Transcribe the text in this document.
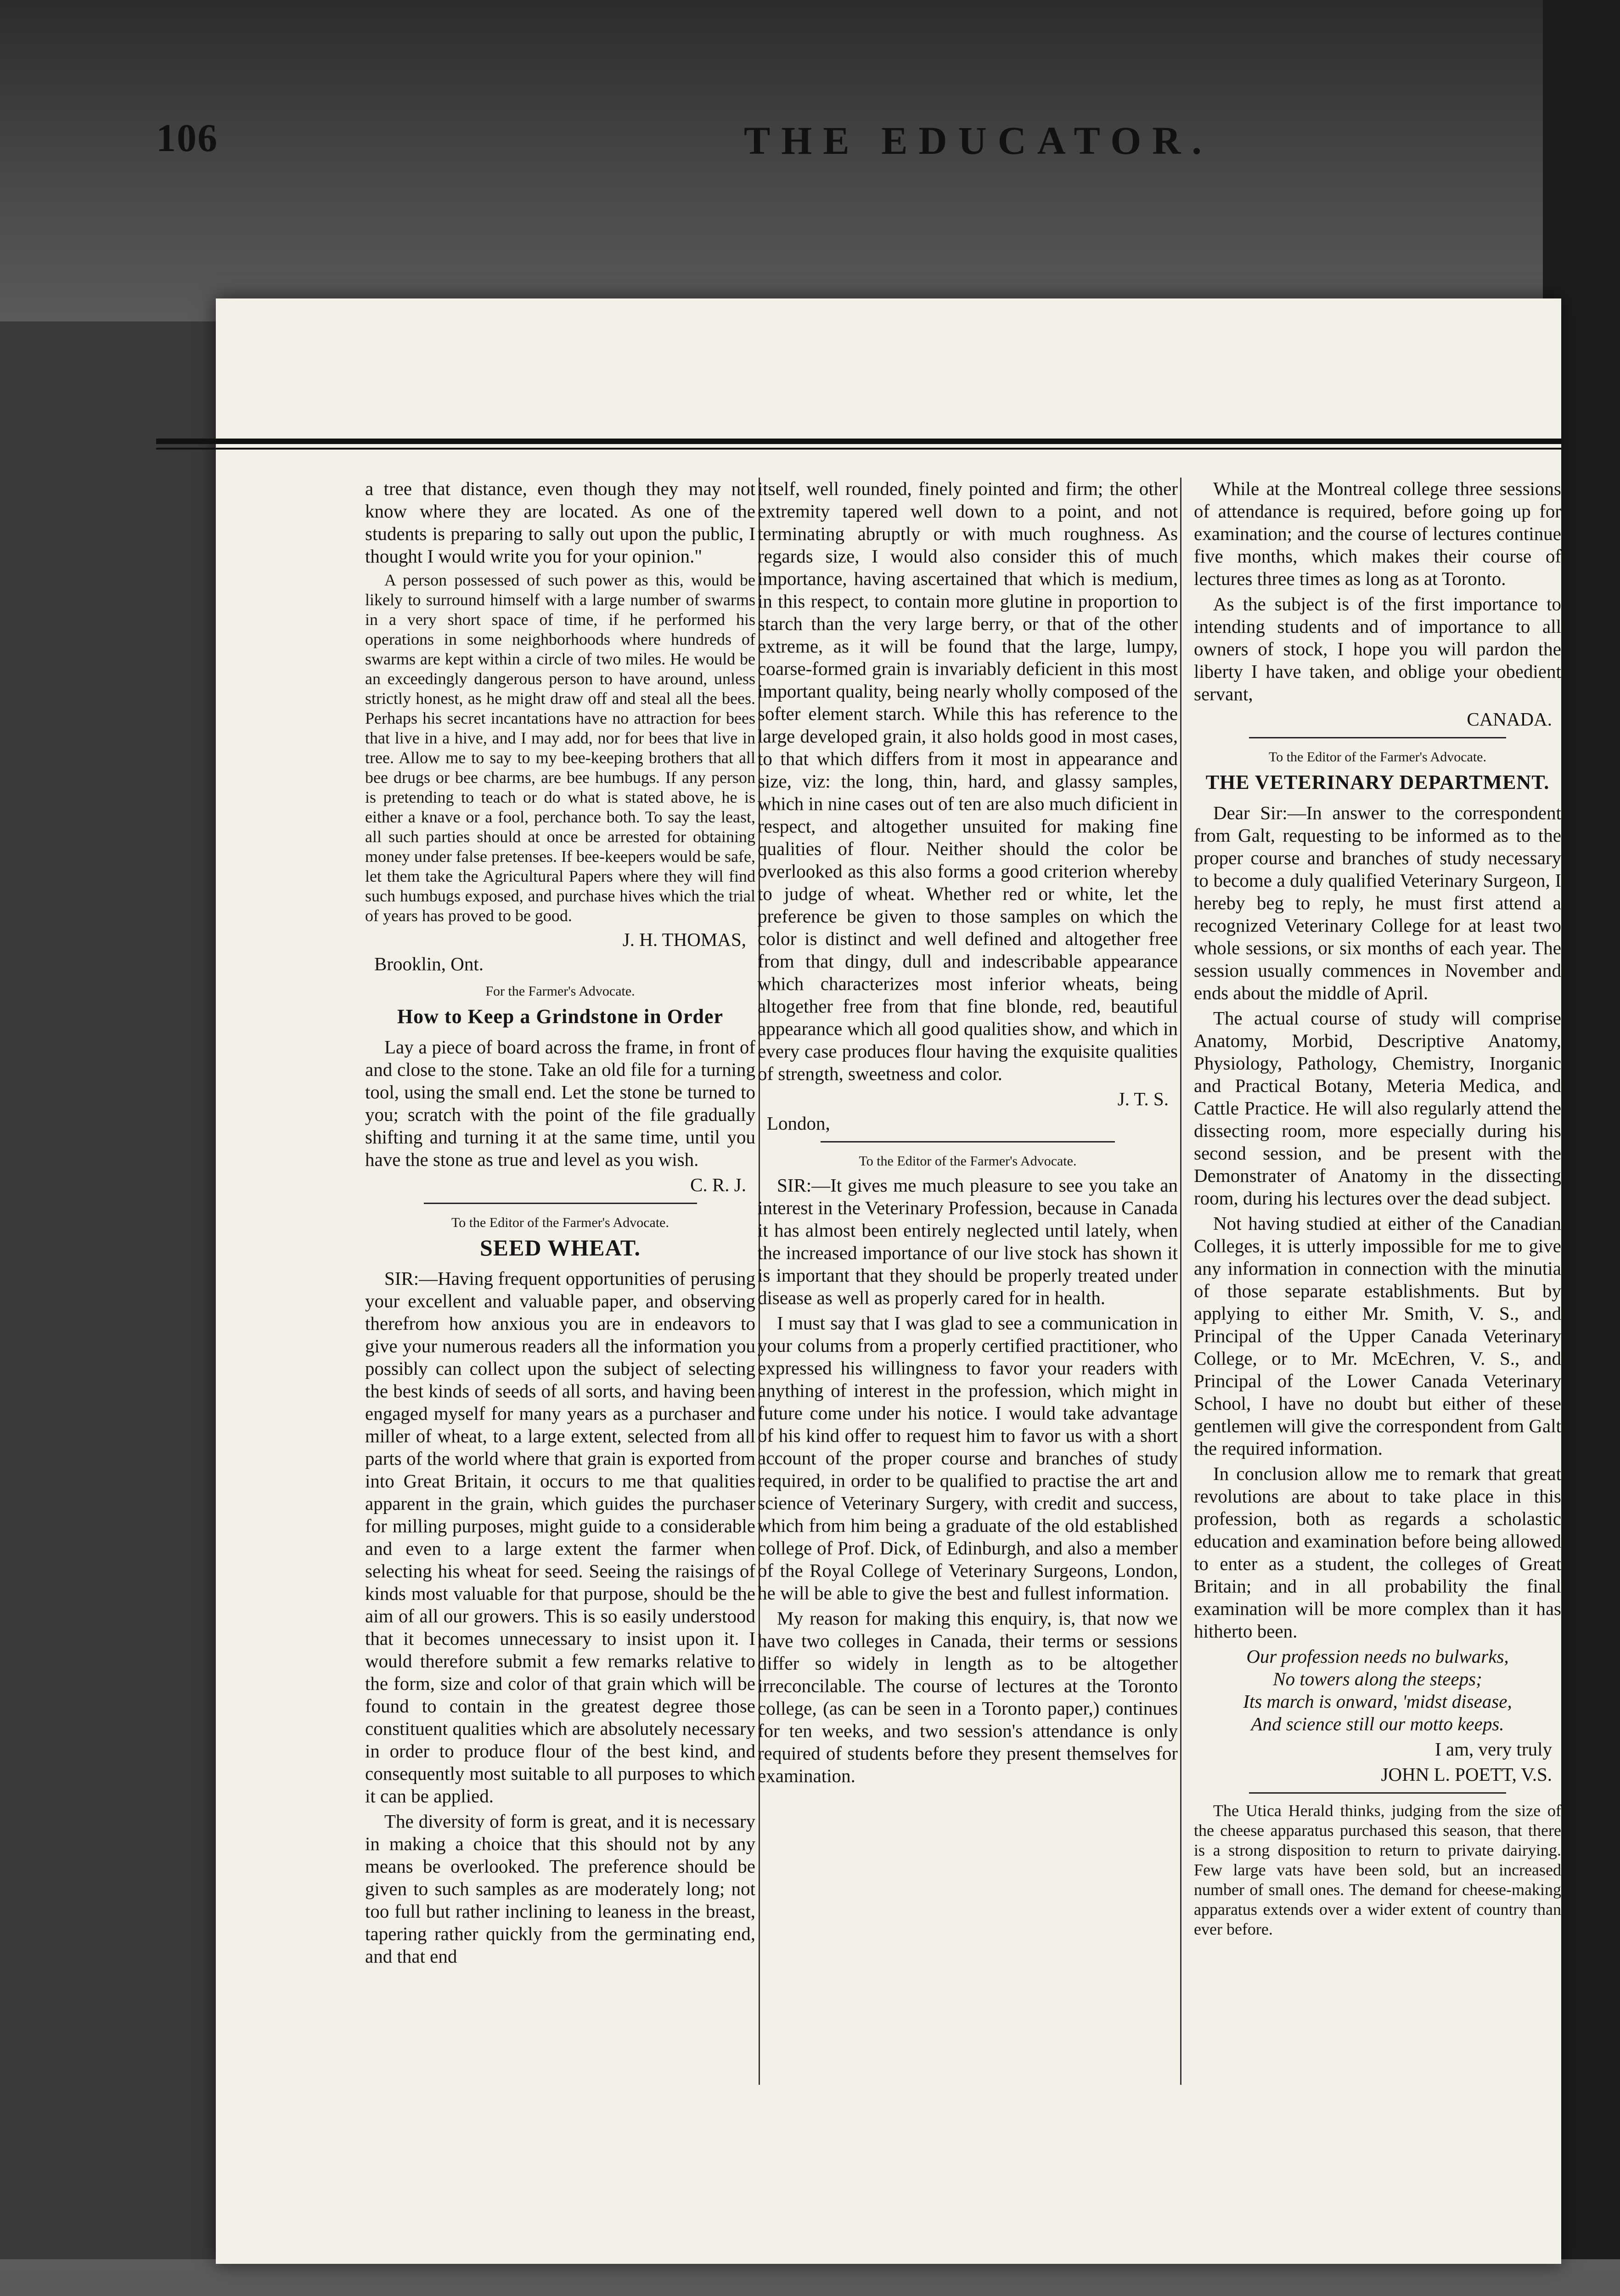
106	THE EDUCATOR.

a tree that distance, even though they may not know where they are located. As one of the students is preparing to sally out upon the public, I thought I would write you for your opinion."

A person possessed of such power as this, would be likely to surround himself with a large number of swarms in a very short space of time, if he performed his operations in some neighborhoods where hundreds of swarms are kept within a circle of two miles. He would be an exceedingly dangerous person to have around, unless strictly honest, as he might draw off and steal all the bees. Perhaps his secret incantations have no attraction for bees that live in a hive, and I may add, nor for bees that live in tree. Allow me to say to my bee-keeping brothers that all bee drugs or bee charms, are bee humbugs. If any person is pretending to teach or do what is stated above, he is either a knave or a fool, perchance both. To say the least, all such parties should at once be arrested for obtaining money under false pretenses. If bee-keepers would be safe, let them take the Agricultural Papers where they will find such humbugs exposed, and purchase hives which the trial of years has proved to be good.

J. H. THOMAS,

Brooklin, Ont.

For the Farmer's Advocate.

How to Keep a Grindstone in Order

Lay a piece of board across the frame, in front of and close to the stone. Take an old file for a turning tool, using the small end. Let the stone be turned to you; scratch with the point of the file gradually shifting and turning it at the same time, until you have the stone as true and level as you wish.

C. R. J.

To the Editor of the Farmer's Advocate.

SEED WHEAT.

SIR:—Having frequent opportunities of perusing your excellent and valuable paper, and observing therefrom how anxious you are in endeavors to give your numerous readers all the information you possibly can collect upon the subject of selecting the best kinds of seeds of all sorts, and having been engaged myself for many years as a purchaser and miller of wheat, to a large extent, selected from all parts of the world where that grain is exported from into Great Britain, it occurs to me that qualities apparent in the grain, which guides the purchaser for milling purposes, might guide to a considerable and even to a large extent the farmer when selecting his wheat for seed. Seeing the raisings of kinds most valuable for that purpose, should be the aim of all our growers. This is so easily understood that it becomes unnecessary to insist upon it. I would therefore submit a few remarks relative to the form, size and color of that grain which will be found to contain in the greatest degree those constituent qualities which are absolutely necessary in order to produce flour of the best kind, and consequently most suitable to all purposes to which it can be applied.

The diversity of form is great, and it is necessary in making a choice that this should not by any means be overlooked. The preference should be given to such samples as are moderately long; not too full but rather inclining to leaness in the breast, tapering rather quickly from the germinating end, and that end

itself, well rounded, finely pointed and firm; the other extremity tapered well down to a point, and not terminating abruptly or with much roughness. As regards size, I would also consider this of much importance, having ascertained that which is medium, in this respect, to contain more glutine in proportion to starch than the very large berry, or that of the other extreme, as it will be found that the large, lumpy, coarse-formed grain is invariably deficient in this most important quality, being nearly wholly composed of the softer element starch. While this has reference to the large developed grain, it also holds good in most cases, to that which differs from it most in appearance and size, viz: the long, thin, hard, and glassy samples, which in nine cases out of ten are also much dificient in respect, and altogether unsuited for making fine qualities of flour. Neither should the color be overlooked as this also forms a good criterion whereby to judge of wheat. Whether red or white, let the preference be given to those samples on which the color is distinct and well defined and altogether free from that dingy, dull and indescribable appearance which characterizes most inferior wheats, being altogether free from that fine blonde, red, beautiful appearance which all good qualities show, and which in every case produces flour having the exquisite qualities of strength, sweetness and color.

J. T. S.

London,

To the Editor of the Farmer's Advocate.

SIR:—It gives me much pleasure to see you take an interest in the Veterinary Profession, because in Canada it has almost been entirely neglected until lately, when the increased importance of our live stock has shown it is important that they should be properly treated under disease as well as properly cared for in health.

I must say that I was glad to see a communication in your colums from a properly certified practitioner, who expressed his willingness to favor your readers with anything of interest in the profession, which might in future come under his notice. I would take advantage of his kind offer to request him to favor us with a short account of the proper course and branches of study required, in order to be qualified to practise the art and science of Veterinary Surgery, with credit and success, which from him being a graduate of the old established college of Prof. Dick, of Edinburgh, and also a member of the Royal College of Veterinary Surgeons, London, he will be able to give the best and fullest information.

My reason for making this enquiry, is, that now we have two colleges in Canada, their terms or sessions differ so widely in length as to be altogether irreconcilable. The course of lectures at the Toronto college, (as can be seen in a Toronto paper,) continues for ten weeks, and two session's attendance is only required of students before they present themselves for examination.

While at the Montreal college three sessions of attendance is required, before going up for examination; and the course of lectures continue five months, which makes their course of lectures three times as long as at Toronto.

As the subject is of the first importance to intending students and of importance to all owners of stock, I hope you will pardon the liberty I have taken, and oblige your obedient servant,

CANADA.

To the Editor of the Farmer's Advocate.

THE VETERINARY DEPARTMENT.

Dear Sir:—In answer to the correspondent from Galt, requesting to be informed as to the proper course and branches of study necessary to become a duly qualified Veterinary Surgeon, I hereby beg to reply, he must first attend a recognized Veterinary College for at least two whole sessions, or six months of each year. The session usually commences in November and ends about the middle of April.

The actual course of study will comprise Anatomy, Morbid, Descriptive Anatomy, Physiology, Pathology, Chemistry, Inorganic and Practical Botany, Meteria Medica, and Cattle Practice. He will also regularly attend the dissecting room, more especially during his second session, and be present with the Demonstrater of Anatomy in the dissecting room, during his lectures over the dead subject.

Not having studied at either of the Canadian Colleges, it is utterly impossible for me to give any information in connection with the minutia of those separate establishments. But by applying to either Mr. Smith, V. S., and Principal of the Upper Canada Veterinary College, or to Mr. McEchren, V. S., and Principal of the Lower Canada Veterinary School, I have no doubt but either of these gentlemen will give the correspondent from Galt the required information.

In conclusion allow me to remark that great revolutions are about to take place in this profession, both as regards a scholastic education and examination before being allowed to enter as a student, the colleges of Great Britain; and in all probability the final examination will be more complex than it has hitherto been.

Our profession needs no bulwarks,

No towers along the steeps;

Its march is onward, 'midst disease,

And science still our motto keeps.

I am, very truly

JOHN L. POETT, V.S.

The Utica Herald thinks, judging from the size of the cheese apparatus purchased this season, that there is a strong disposition to return to private dairying. Few large vats have been sold, but an increased number of small ones. The demand for cheese-making apparatus extends over a wider extent of country than ever before.
